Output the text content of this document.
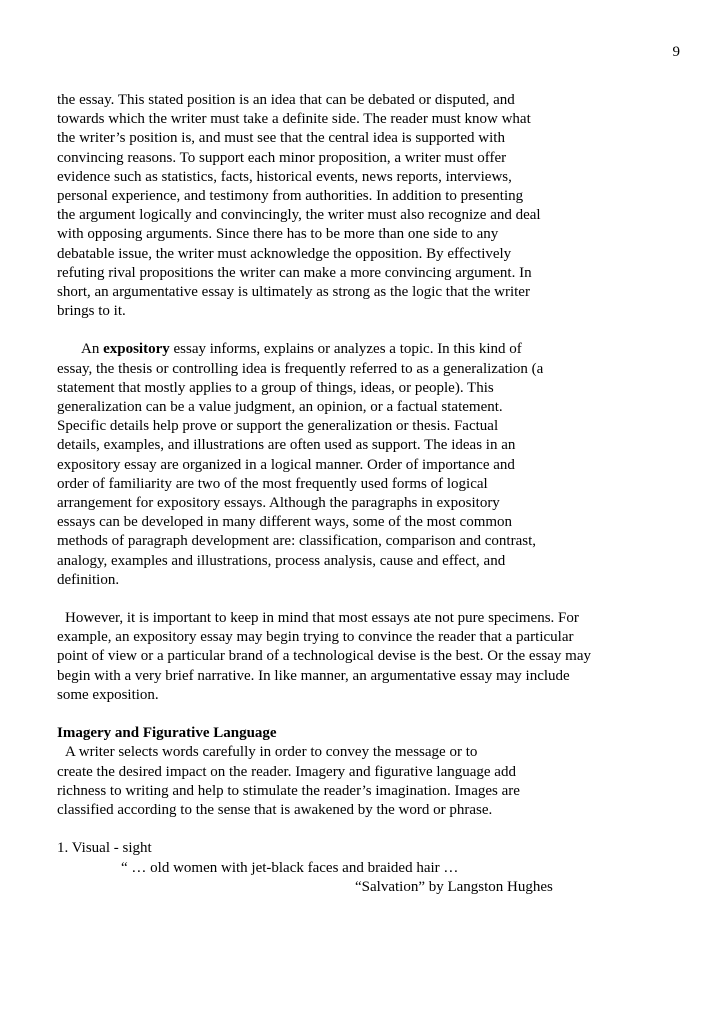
9
the essay. This stated position is an idea that can be debated or disputed, and
towards which the writer must take a definite side. The reader must know what
the writer’s position is, and must see that the central idea is supported with
convincing reasons. To support each minor proposition, a writer must offer
evidence such as statistics, facts, historical events, news reports, interviews,
personal experience, and testimony from authorities. In addition to presenting
the argument logically and convincingly, the writer must also recognize and deal
with opposing arguments. Since there has to be more than one side to any
debatable issue, the writer must acknowledge the opposition. By effectively
refuting rival propositions the writer can make a more convincing argument. In
short, an argumentative essay is ultimately as strong as the logic that the writer
brings to it.
An expository essay informs, explains or analyzes a topic. In this kind of
essay, the thesis or controlling idea is frequently referred to as a generalization (a
statement that mostly applies to a group of things, ideas, or people). This
generalization can be a value judgment, an opinion, or a factual statement.
Specific details help prove or support the generalization or thesis. Factual
details, examples, and illustrations are often used as support. The ideas in an
expository essay are organized in a logical manner. Order of importance and
order of familiarity are two of the most frequently used forms of logical
arrangement for expository essays. Although the paragraphs in expository
essays can be developed in many different ways, some of the most common
methods of paragraph development are: classification, comparison and contrast,
analogy, examples and illustrations, process analysis, cause and effect, and
definition.
However, it is important to keep in mind that most essays ate not pure specimens. For
example, an expository essay may begin trying to convince the reader that a particular
point of view or a particular brand of a technological devise is the best. Or the essay may
begin with a very brief narrative. In like manner, an argumentative essay may include
some exposition.
Imagery and Figurative Language
A writer selects words carefully in order to convey the message or to
create the desired impact on the reader. Imagery and figurative language add
richness to writing and help to stimulate the reader’s imagination. Images are
classified according to the sense that is awakened by the word or phrase.
1. Visual - sight
“ … old women with jet-black faces and braided hair …
“Salvation” by Langston Hughes
